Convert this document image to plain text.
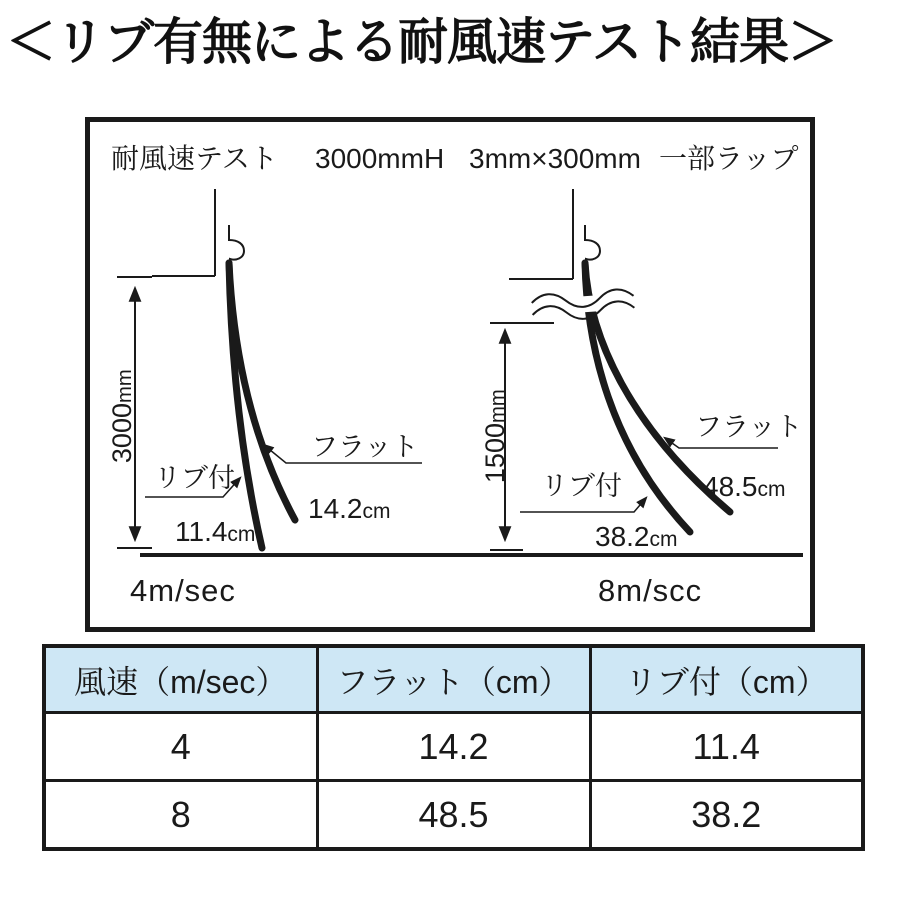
＜リブ有無による耐風速テスト結果＞
耐風速テスト 3000mmH 3mm×300mm 一部ラップ
3000mm
フラット
リブ付
14.2cm
11.4cm
4m/sec
1500mm
フラット
リブ付	48.5cm
38.2cm
8m/scc
風速（m/sec）	フラット（cm）	リブ付（cm）
4	14.2	11.4
8	48.5	38.2
